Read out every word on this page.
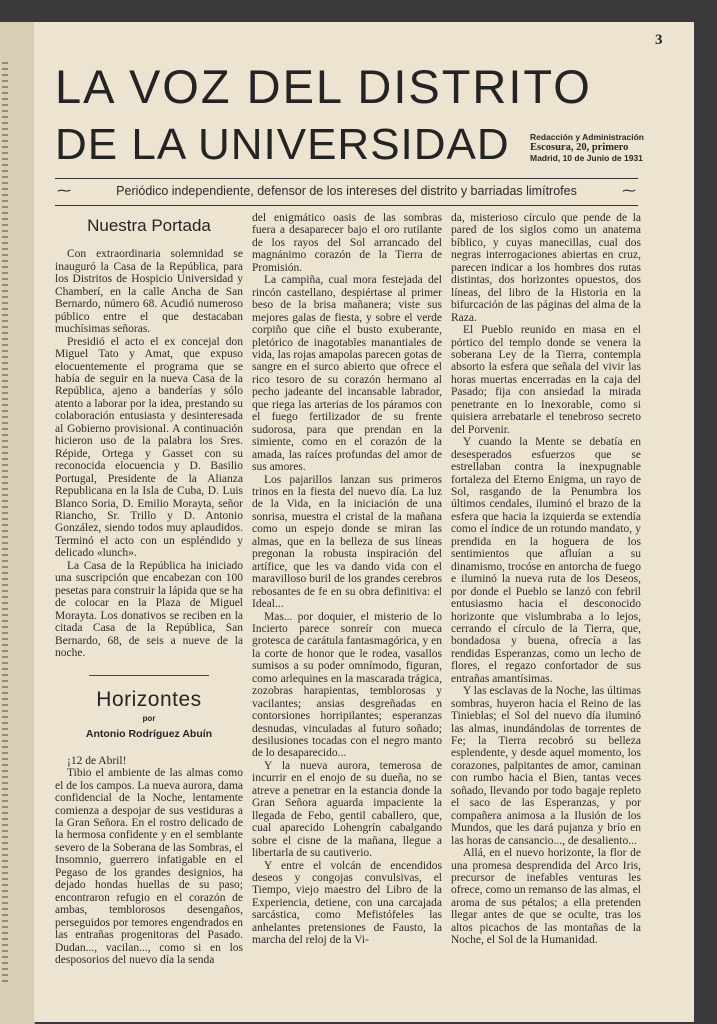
3
LA VOZ DEL DISTRITO
DE LA UNIVERSIDAD	Redacción y Administración
Escosura, 20, primero
Madrid, 10 de Junio de 1931
⁓	Periódico independiente, defensor de los intereses del distrito y barriadas limítrofes	⁓
Nuestra Portada

Con extraordinaria solemnidad se inauguró la Casa de la República, para los Distritos de Hospicio Universidad y Chamberí, en la calle Ancha de San Bernardo, número 68. Acudió numeroso público entre el que destacaban muchísimas señoras.

Presidió el acto el ex concejal don Miguel Tato y Amat, que expuso elocuentemente el programa que se había de seguir en la nueva Casa de la República, ajeno a banderías y sólo atento a laborar por la idea, prestando su colaboración entusiasta y desinteresada al Gobierno provisional. A continuación hicieron uso de la palabra los Sres. Répide, Ortega y Gasset con su reconocida elocuencia y D. Basilio Portugal, Presidente de la Alianza Republicana en la Isla de Cuba, D. Luis Blanco Soria, D. Emilio Morayta, señor Riancho, Sr. Trillo y D. Antonio González, siendo todos muy aplaudidos. Terminó el acto con un espléndido y delicado «lunch».

La Casa de la República ha iniciado una suscripción que encabezan con 100 pesetas para construir la lápida que se ha de colocar en la Plaza de Miguel Morayta. Los donativos se reciben en la citada Casa de la República, San Bernardo, 68, de seis a nueve de la noche.

Horizontes
por
Antonio Rodríguez Abuín

¡12 de Abril!

Tibio el ambiente de las almas como el de los campos. La nueva aurora, dama confidencial de la Noche, lentamente comienza a despojar de sus vestiduras a la Gran Señora. En el rostro delicado de la hermosa confidente y en el semblante severo de la Soberana de las Sombras, el Insomnio, guerrero infatigable en el Pegaso de los grandes designios, ha dejado hondas huellas de su paso; encontraron refugio en el corazón de ambas, temblorosos desengaños, perseguidos por temores engendrados en las entrañas progenitoras del Pasado. Dudan..., vacilan..., como si en los desposorios del nuevo día la senda

del enigmático oasis de las sombras fuera a desaparecer bajo el oro rutilante de los rayos del Sol arrancado del magnánimo corazón de la Tierra de Promisión.

La campiña, cual mora festejada del rincón castellano, despiértase al primer beso de la brisa mañanera; viste sus mejores galas de fiesta, y sobre el verde corpiño que ciñe el busto exuberante, pletórico de inagotables manantiales de vida, las rojas amapolas parecen gotas de sangre en el surco abierto que ofrece el rico tesoro de su corazón hermano al pecho jadeante del incansable labrador, que riega las arterias de los páramos con el fuego fertilizador de su frente sudorosa, para que prendan en la simiente, como en el corazón de la amada, las raíces profundas del amor de sus amores.

Los pajarillos lanzan sus primeros trinos en la fiesta del nuevo día. La luz de la Vida, en la iniciación de una sonrisa, muestra el cristal de la mañana como un espejo donde se miran las almas, que en la belleza de sus líneas pregonan la robusta inspiración del artífice, que les va dando vida con el maravilloso buril de los grandes cerebros rebosantes de fe en su obra definitiva: el Ideal...

Mas... por doquier, el misterio de lo Incierto parece sonreír con mueca grotesca de carátula fantasmagórica, y en la corte de honor que le rodea, vasallos sumisos a su poder omnímodo, figuran, como arlequines en la mascarada trágica, zozobras harapientas, temblorosas y vacilantes; ansias desgreñadas en contorsiones horripilantes; esperanzas desnudas, vinculadas al futuro soñado; desilusiones tocadas con el negro manto de lo desaparecido...

Y la nueva aurora, temerosa de incurrir en el enojo de su dueña, no se atreve a penetrar en la estancia donde la Gran Señora aguarda impaciente la llegada de Febo, gentil caballero, que, cual aparecido Lohengrín cabalgando sobre el cisne de la mañana, llegue a libertarla de su cautiverio.

Y entre el volcán de encendidos deseos y congojas convulsivas, el Tiempo, viejo maestro del Libro de la Experiencia, detiene, con una carcajada sarcástica, como Mefistófeles las anhelantes pretensiones de Fausto, la marcha del reloj de la Vi-

da, misterioso círculo que pende de la pared de los siglos como un anatema bíblico, y cuyas manecillas, cual dos negras interrogaciones abiertas en cruz, parecen indicar a los hombres dos rutas distintas, dos horizontes opuestos, dos líneas, del libro de la Historia en la bifurcación de las páginas del alma de la Raza.

El Pueblo reunido en masa en el pórtico del templo donde se venera la soberana Ley de la Tierra, contempla absorto la esfera que señala del vivir las horas muertas encerradas en la caja del Pasado; fija con ansiedad la mirada penetrante en lo Inexorable, como si quisiera arrebatarle el tenebroso secreto del Porvenir.

Y cuando la Mente se debatía en desesperados esfuerzos que se estrellaban contra la inexpugnable fortaleza del Eterno Enigma, un rayo de Sol, rasgando de la Penumbra los últimos cendales, iluminó el brazo de la esfera que hacia la izquierda se extendía como el índice de un rotundo mandato, y prendida en la hoguera de los sentimientos que afluían a su dinamismo, trocóse en antorcha de fuego e iluminó la nueva ruta de los Deseos, por donde el Pueblo se lanzó con febril entusiasmo hacia el desconocido horizonte que vislumbraba a lo lejos, cerrando el círculo de la Tierra, que, bondadosa y buena, ofrecía a las rendidas Esperanzas, como un lecho de flores, el regazo confortador de sus entrañas amantísimas.

Y las esclavas de la Noche, las últimas sombras, huyeron hacia el Reino de las Tinieblas; el Sol del nuevo día iluminó las almas, inundándolas de torrentes de Fe; la Tierra recobró su belleza esplendente, y desde aquel momento, los corazones, palpitantes de amor, caminan con rumbo hacia el Bien, tantas veces soñado, llevando por todo bagaje repleto el saco de las Esperanzas, y por compañera animosa a la Ilusión de los Mundos, que les dará pujanza y brío en las horas de cansancio..., de desaliento...

Allá, en el nuevo horizonte, la flor de una promesa desprendida del Arco Iris, precursor de inefables venturas les ofrece, como un remanso de las almas, el aroma de sus pétalos; a ella pretenden llegar antes de que se oculte, tras los altos picachos de las montañas de la Noche, el Sol de la Humanidad.
